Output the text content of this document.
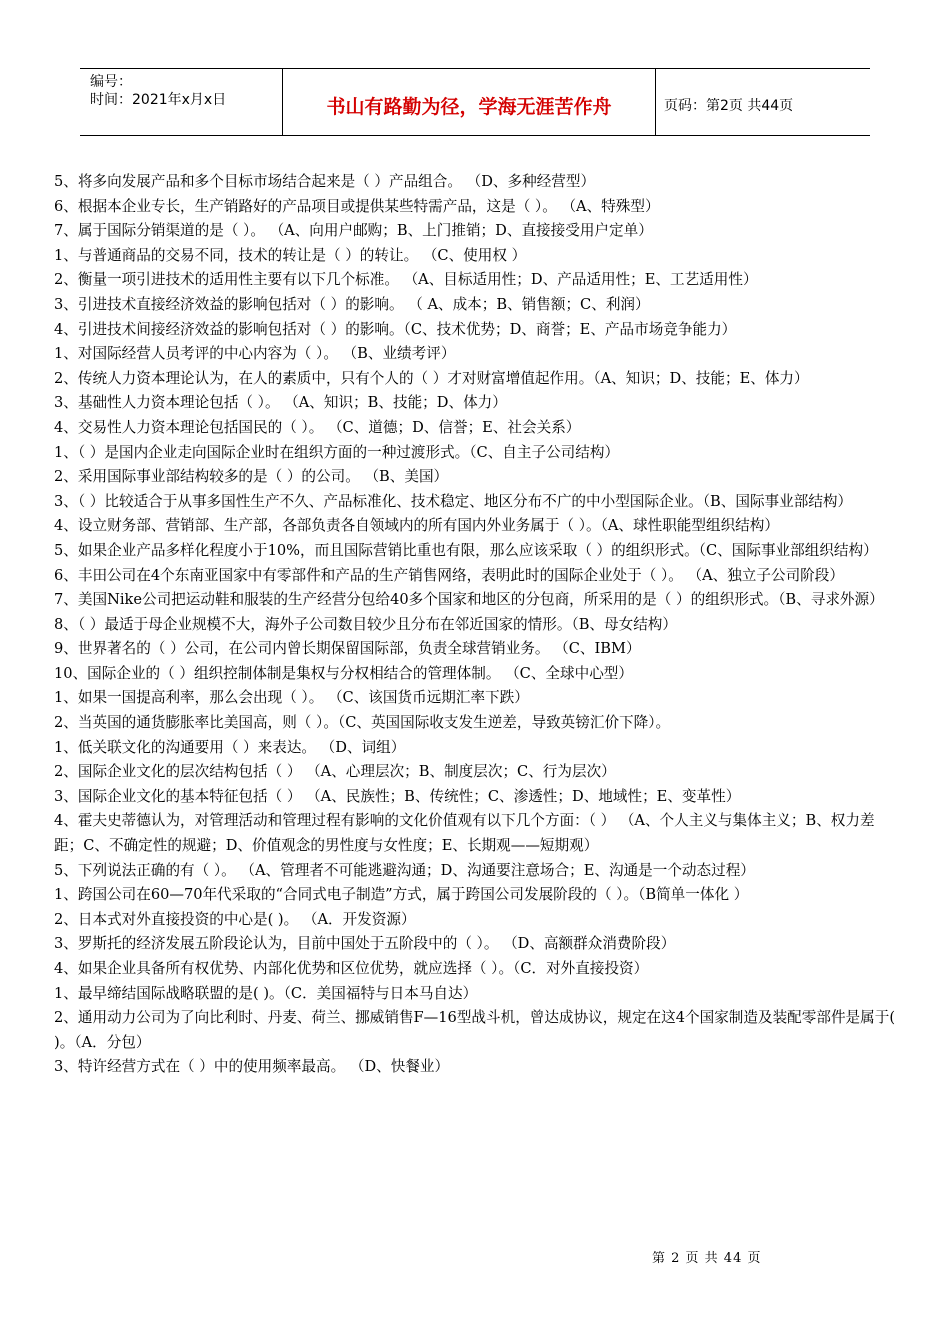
编号：
时间：2021年x月x日	书山有路勤为径，学海无涯苦作舟	页码：第2页 共44页
5、将多向发展产品和多个目标市场结合起来是（ ）产品组合。 （D、多种经营型）
6、根据本企业专长，生产销路好的产品项目或提供某些特需产品，这是（ ）。 （A、特殊型）
7、属于国际分销渠道的是（ ）。 （A、向用户邮购；B、上门推销；D、直接接受用户定单）
1、与普通商品的交易不同，技术的转让是（ ）的转让。 （C、使用权 ）
2、衡量一项引进技术的适用性主要有以下几个标准。 （A、目标适用性；D、产品适用性；E、工艺适用性）
3、引进技术直接经济效益的影响包括对（ ）的影响。 （ A、成本；B、销售额；C、利润）
4、引进技术间接经济效益的影响包括对（ ）的影响。（C、技术优势；D、商誉；E、产品市场竞争能力）
1、对国际经营人员考评的中心内容为（ ）。 （B、业绩考评）
2、传统人力资本理论认为，在人的素质中，只有个人的（ ）才对财富增值起作用。（A、知识；D、技能；E、体力）
3、基础性人力资本理论包括（ ）。 （A、知识；B、技能；D、体力）
4、交易性人力资本理论包括国民的（ ）。 （C、道德；D、信誉；E、社会关系）
1、（ ）是国内企业走向国际企业时在组织方面的一种过渡形式。（C、自主子公司结构）
2、采用国际事业部结构较多的是（ ）的公司。 （B、美国）
3、（ ）比较适合于从事多国性生产不久、产品标准化、技术稳定、地区分布不广的中小型国际企业。（B、国际事业部结构）
4、设立财务部、营销部、生产部，各部负责各自领域内的所有国内外业务属于（ ）。（A、球性职能型组织结构）
5、如果企业产品多样化程度小于10%，而且国际营销比重也有限，那么应该采取（ ）的组织形式。（C、国际事业部组织结构）
6、丰田公司在4个东南亚国家中有零部件和产品的生产销售网络，表明此时的国际企业处于（ ）。 （A、独立子公司阶段）
7、美国Nike公司把运动鞋和服装的生产经营分包给40多个国家和地区的分包商，所采用的是（ ）的组织形式。（B、寻求外源）
8、（ ）最适于母企业规模不大，海外子公司数目较少且分布在邻近国家的情形。（B、母女结构）
9、世界著名的（ ）公司，在公司内曾长期保留国际部，负责全球营销业务。 （C、IBM）
10、国际企业的（ ）组织控制体制是集权与分权相结合的管理体制。 （C、全球中心型）
1、如果一国提高利率，那么会出现（ ）。 （C、该国货币远期汇率下跌）
2、当英国的通货膨胀率比美国高，则（ ）。（C、英国国际收支发生逆差，导致英镑汇价下降）。
1、低关联文化的沟通要用（ ）来表达。 （D、词组）
2、国际企业文化的层次结构包括（ ） （A、心理层次；B、制度层次；C、行为层次）
3、国际企业文化的基本特征包括（ ） （A、民族性；B、传统性；C、渗透性；D、地域性；E、变革性）
4、霍夫史蒂德认为，对管理活动和管理过程有影响的文化价值观有以下几个方面：（ ） （A、个人主义与集体主义；B、权力差距；C、不确定性的规避；D、价值观念的男性度与女性度；E、长期观——短期观）
5、下列说法正确的有（ ）。 （A、管理者不可能逃避沟通；D、沟通要注意场合；E、沟通是一个动态过程）
1、跨国公司在60—70年代采取的“合同式电子制造”方式，属于跨国公司发展阶段的（ ）。（B简单一体化 ）
2、日本式对外直接投资的中心是( )。 （A．开发资源）
3、罗斯托的经济发展五阶段论认为，目前中国处于五阶段中的（ ）。 （D、高额群众消费阶段）
4、如果企业具备所有权优势、内部化优势和区位优势，就应选择（ ）。（C．对外直接投资）
1、最早缔结国际战略联盟的是( )。（C．美国福特与日本马自达）
2、通用动力公司为了向比利时、丹麦、荷兰、挪威销售F—16型战斗机，曾达成协议，规定在这4个国家制造及装配零部件是属于( )。（A．分包）
3、特许经营方式在（ ）中的使用频率最高。 （D、快餐业）
第 2 页 共 44 页
